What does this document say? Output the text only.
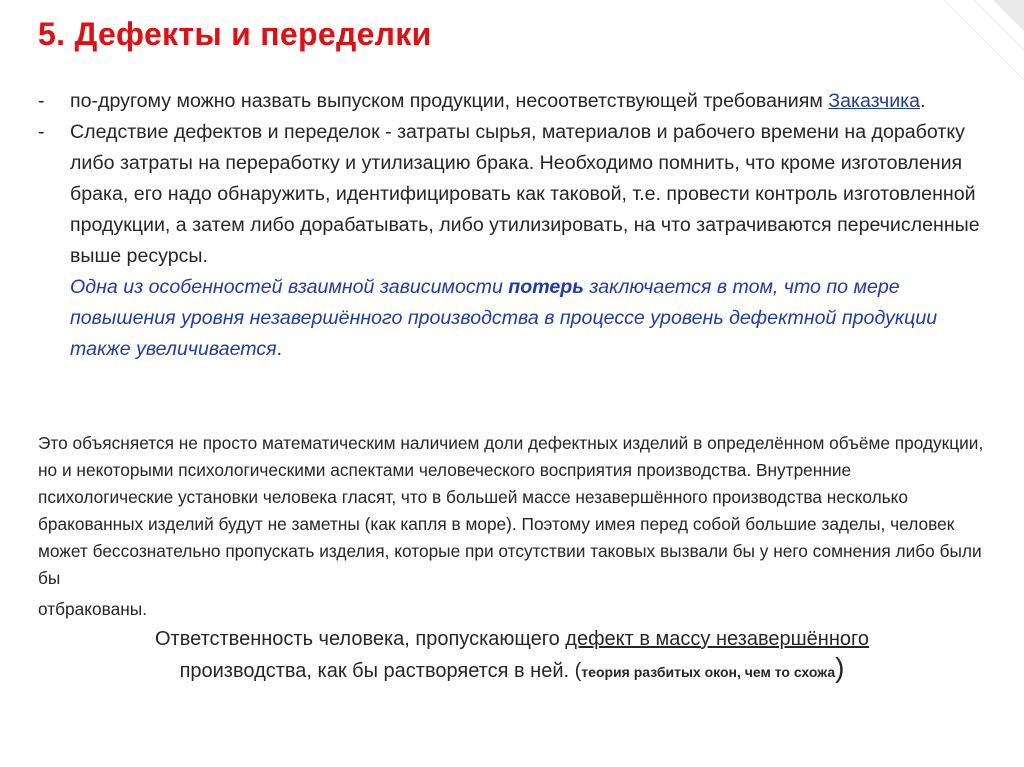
5. Дефекты и переделки
-	по-другому можно назвать выпуском продукции, несоответствующей требованиям Заказчика.
-	Следствие дефектов и переделок - затраты сырья, материалов и рабочего времени на доработку либо затраты на переработку и утилизацию брака. Необходимо помнить, что кроме изготовления брака, его надо обнаружить, идентифицировать как таковой, т.е. провести контроль изготовленной продукции, а затем либо дорабатывать, либо утилизировать, на что затрачиваются перечисленные выше ресурсы.
Одна из особенностей взаимной зависимости потерь заключается в том, что по мере повышения уровня незавершённого производства в процессе уровень дефектной продукции также увеличивается.
Это объясняется не просто математическим наличием доли дефектных изделий в определённом объёме продукции, но и некоторыми психологическими аспектами человеческого восприятия производства. Внутренние психологические установки человека гласят, что в большей массе незавершённого производства несколько бракованных изделий будут не заметны (как капля в море). Поэтому имея перед собой большие заделы, человек может бессознательно пропускать изделия, которые при отсутствии таковых вызвали бы у него сомнения либо были бы
отбракованы.
Ответственность человека, пропускающего дефект в массу незавершённого
производства, как бы растворяется в ней. (теория разбитых окон, чем то схожа)
